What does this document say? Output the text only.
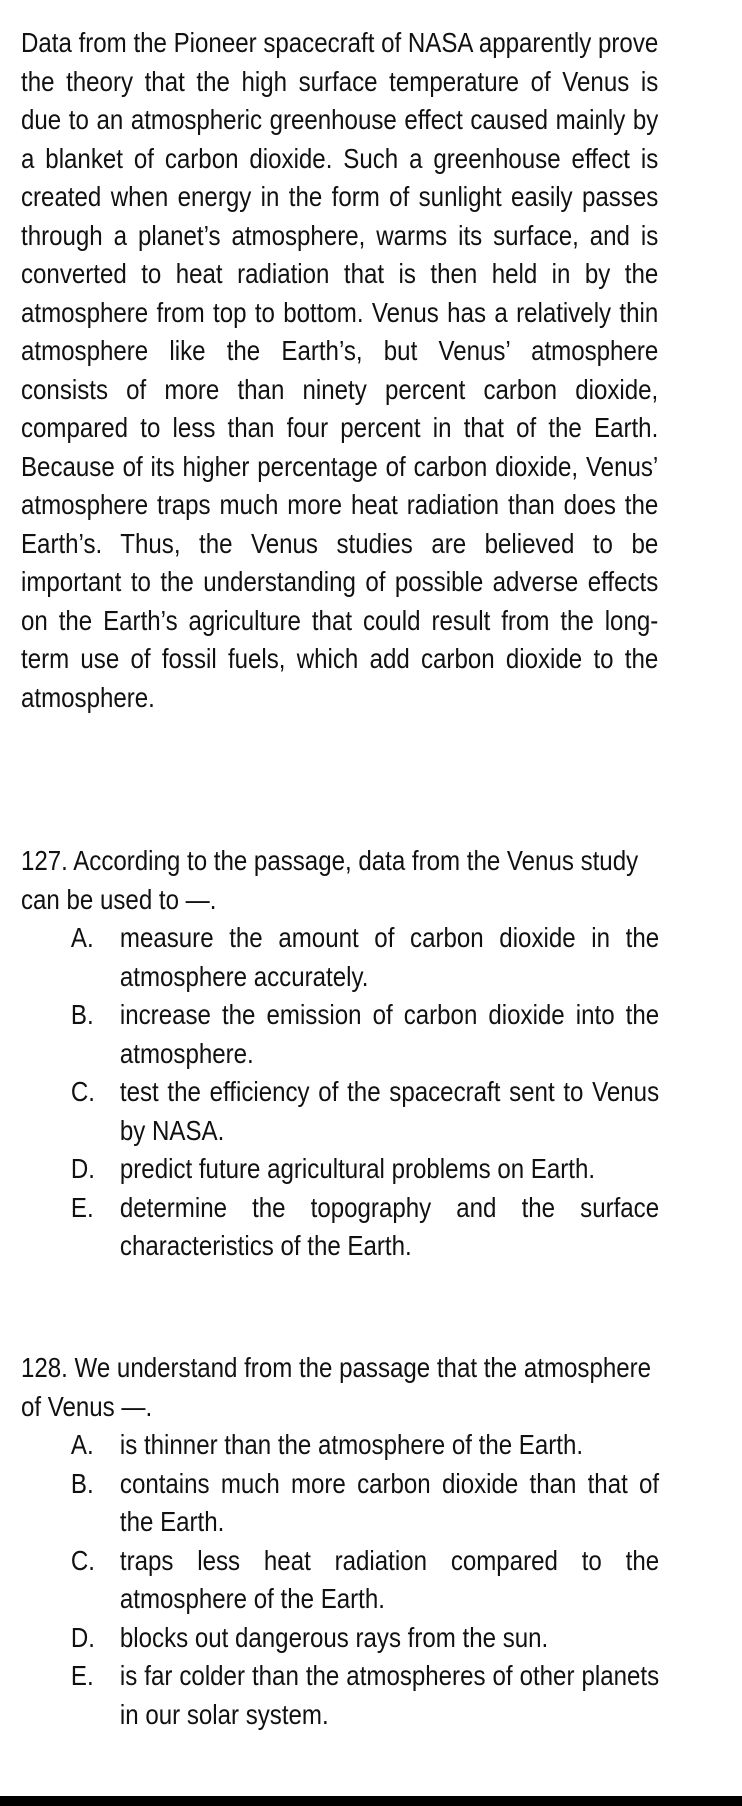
Data from the Pioneer spacecraft of NASA apparently prove the theory that the high surface temperature of Venus is due to an atmospheric greenhouse effect caused mainly by a blanket of carbon dioxide. Such a greenhouse effect is created when energy in the form of sunlight easily passes through a planet’s atmosphere, warms its surface, and is converted to heat radiation that is then held in by the atmosphere from top to bottom. Venus has a relatively thin atmosphere like the Earth’s, but Venus’ atmosphere consists of more than ninety percent carbon dioxide, compared to less than four percent in that of the Earth. Because of its higher percentage of carbon dioxide, Venus’ atmosphere traps much more heat radiation than does the Earth’s. Thus, the Venus studies are believed to be important to the understanding of possible adverse effects on the Earth’s agriculture that could result from the long-term use of fossil fuels, which add carbon dioxide to the atmosphere.

127. According to the passage, data from the Venus study can be used to —.
A. measure the amount of carbon dioxide in the atmosphere accurately.
B. increase the emission of carbon dioxide into the atmosphere.
C. test the efficiency of the spacecraft sent to Venus by NASA.
D. predict future agricultural problems on Earth.
E. determine the topography and the surface characteristics of the Earth.
128. We understand from the passage that the atmosphere of Venus —.
A. is thinner than the atmosphere of the Earth.
B. contains much more carbon dioxide than that of the Earth.
C. traps less heat radiation compared to the atmosphere of the Earth.
D. blocks out dangerous rays from the sun.
E. is far colder than the atmospheres of other planets in our solar system.
